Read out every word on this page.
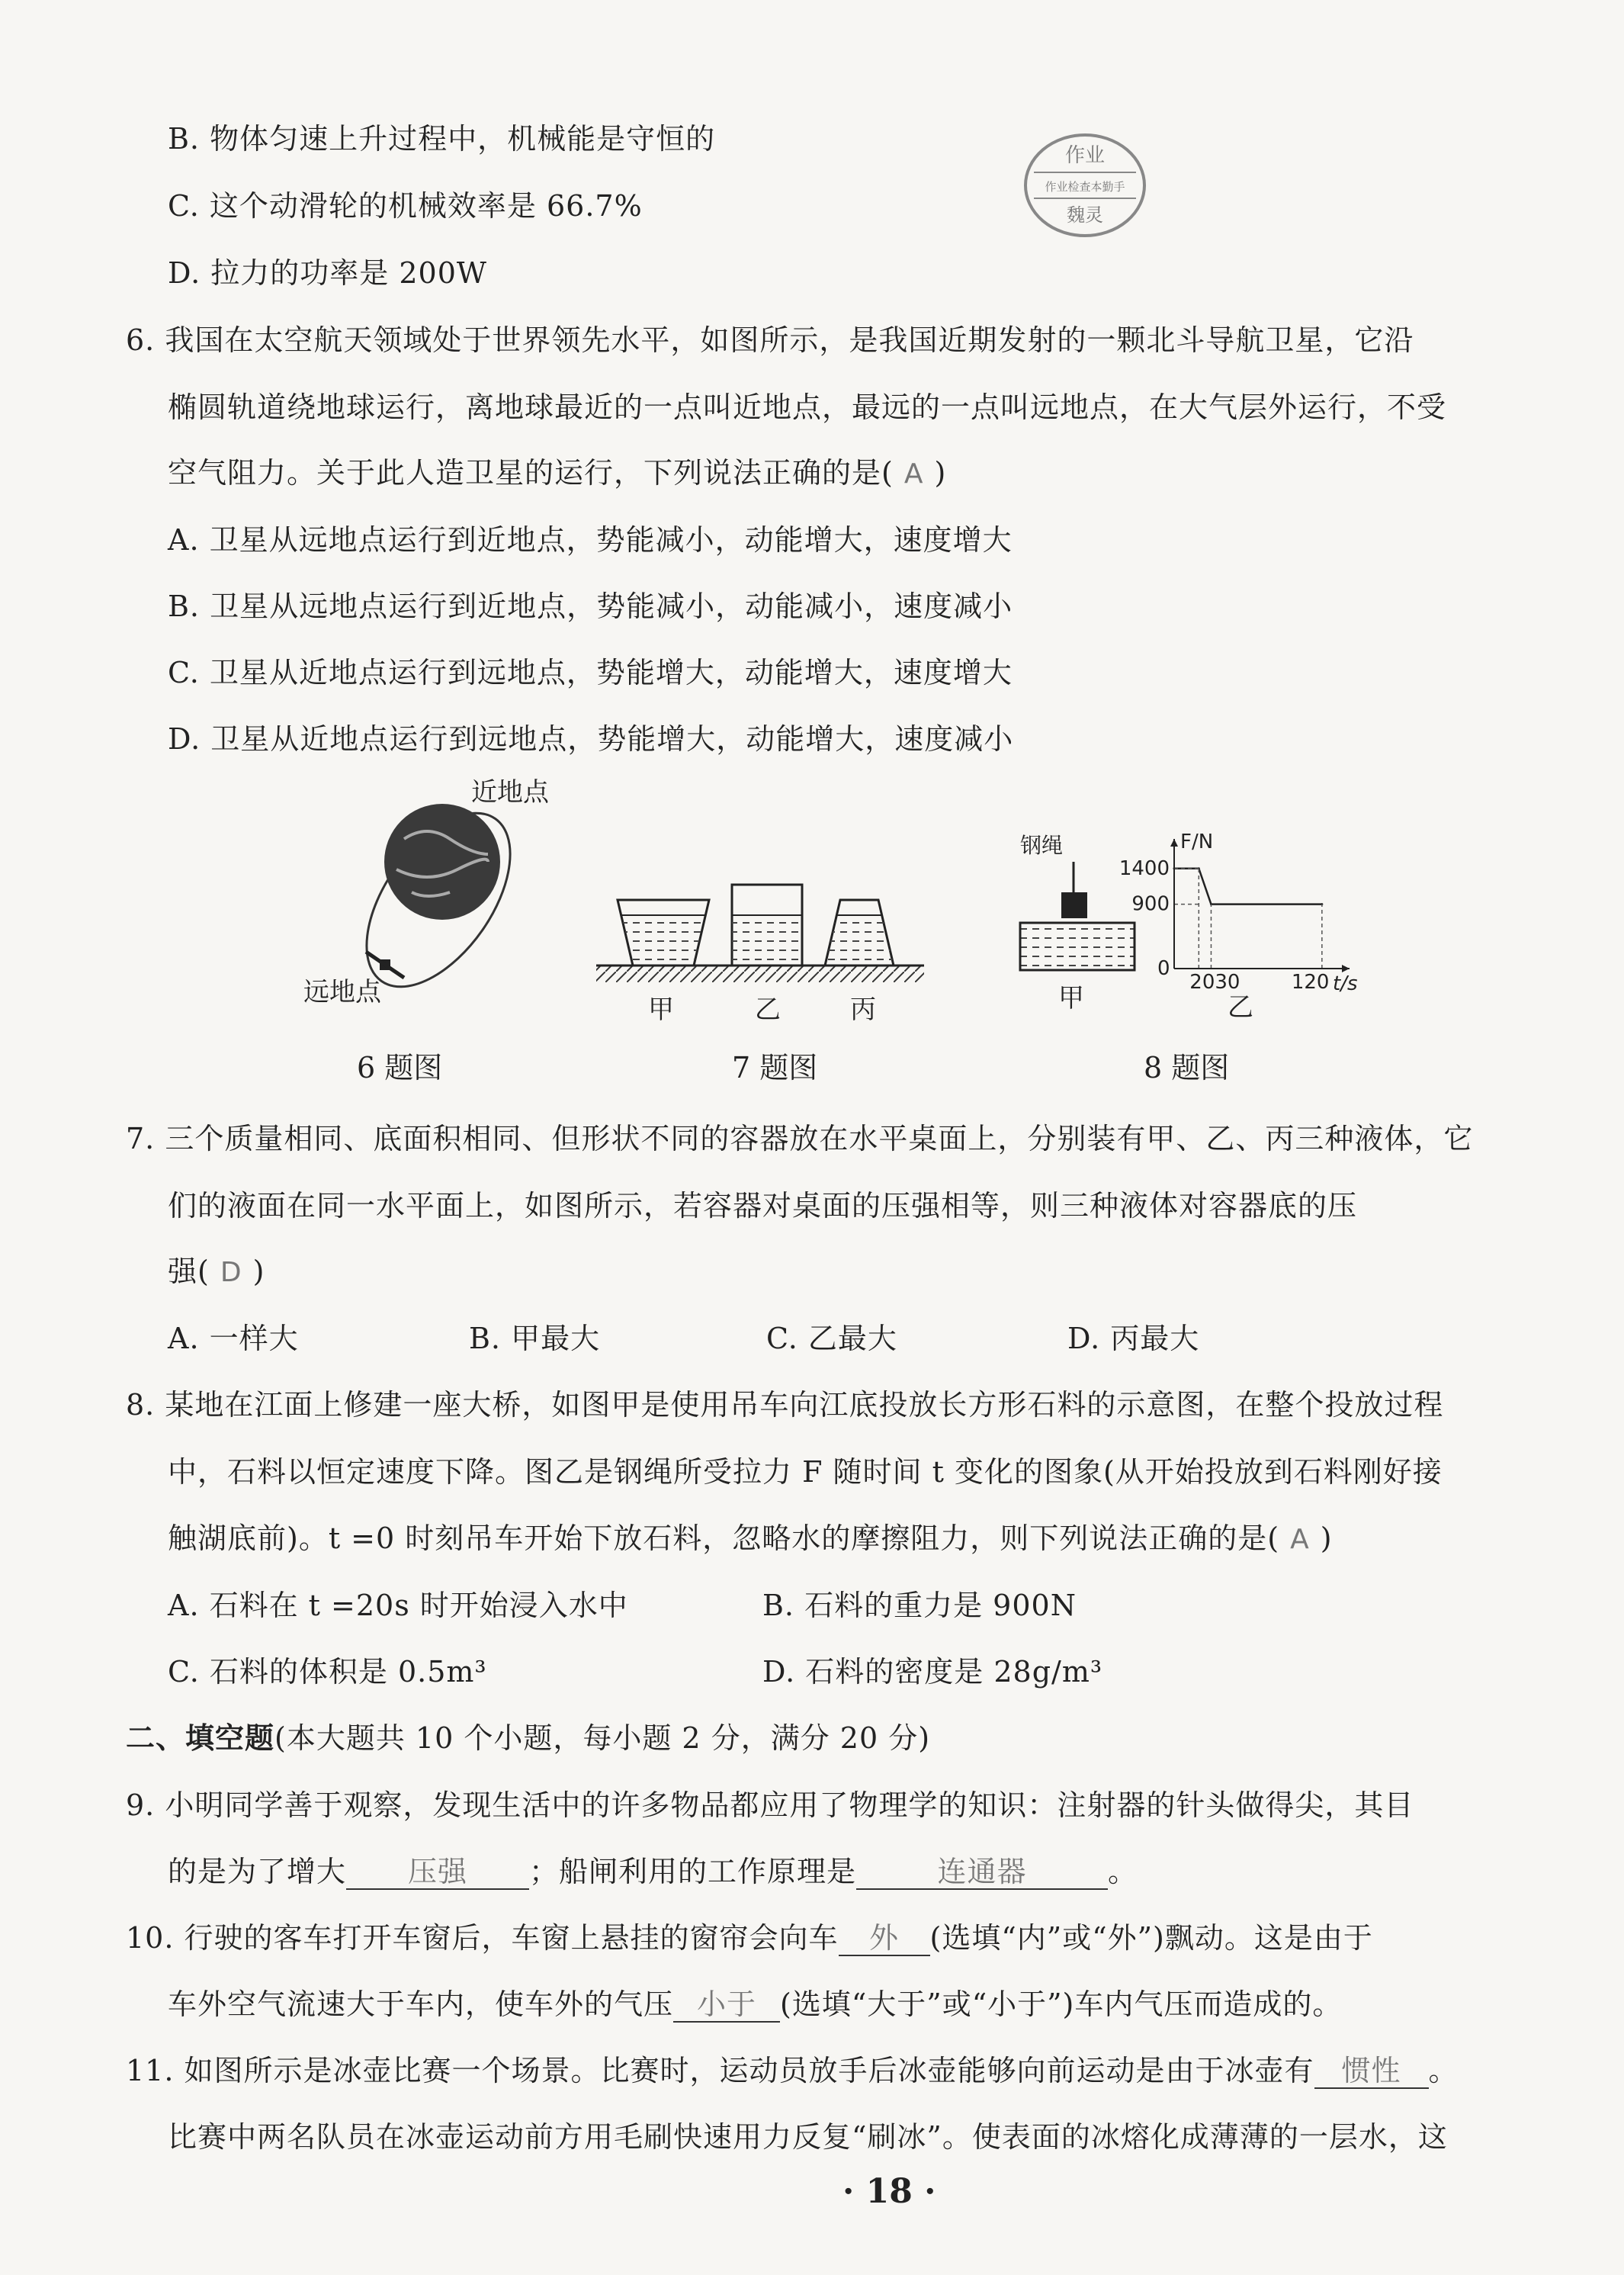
作业
作业检查本勤手
魏灵
B. 物体匀速上升过程中，机械能是守恒的
C. 这个动滑轮的机械效率是 66.7%
D. 拉力的功率是 200W
6. 我国在太空航天领域处于世界领先水平，如图所示，是我国近期发射的一颗北斗导航卫星，它沿
椭圆轨道绕地球运行，离地球最近的一点叫近地点，最远的一点叫远地点，在大气层外运行，不受
空气阻力。关于此人造卫星的运行，下列说法正确的是( A )
A. 卫星从远地点运行到近地点，势能减小，动能增大，速度增大
B. 卫星从远地点运行到近地点，势能减小，动能减小，速度减小
C. 卫星从近地点运行到远地点，势能增大，动能增大，速度增大
D. 卫星从近地点运行到远地点，势能增大，动能增大，速度减小
近地点
远地点
6 题图
甲	乙	丙
7 题图
钢绳
甲
1400
900
F/N
t/s
0
2030	120
乙
8 题图
7. 三个质量相同、底面积相同、但形状不同的容器放在水平桌面上，分别装有甲、乙、丙三种液体，它
们的液面在同一水平面上，如图所示，若容器对桌面的压强相等，则三种液体对容器底的压
强( D )
A. 一样大	B. 甲最大	C. 乙最大	D. 丙最大
8. 某地在江面上修建一座大桥，如图甲是使用吊车向江底投放长方形石料的示意图，在整个投放过程
中，石料以恒定速度下降。图乙是钢绳所受拉力 F 随时间 t 变化的图象(从开始投放到石料刚好接
触湖底前)。t =0 时刻吊车开始下放石料，忽略水的摩擦阻力，则下列说法正确的是( A )
A. 石料在 t =20s 时开始浸入水中	B. 石料的重力是 900N
C. 石料的体积是 0.5m³	D. 石料的密度是 28g/m³
二、填空题(本大题共 10 个小题，每小题 2 分，满分 20 分)
9. 小明同学善于观察，发现生活中的许多物品都应用了物理学的知识：注射器的针头做得尖，其目
的是为了增大 压强 ；船闸利用的工作原理是	连通器	。
10. 行驶的客车打开车窗后，车窗上悬挂的窗帘会向车 外 (选填“内”或“外”)飘动。这是由于
车外空气流速大于车内，使车外的气压 小于 (选填“大于”或“小于”)车内气压而造成的。
11. 如图所示是冰壶比赛一个场景。比赛时，运动员放手后冰壶能够向前运动是由于冰壶有 惯性 。
比赛中两名队员在冰壶运动前方用毛刷快速用力反复“刷冰”。使表面的冰熔化成薄薄的一层水，这
· 18 ·
